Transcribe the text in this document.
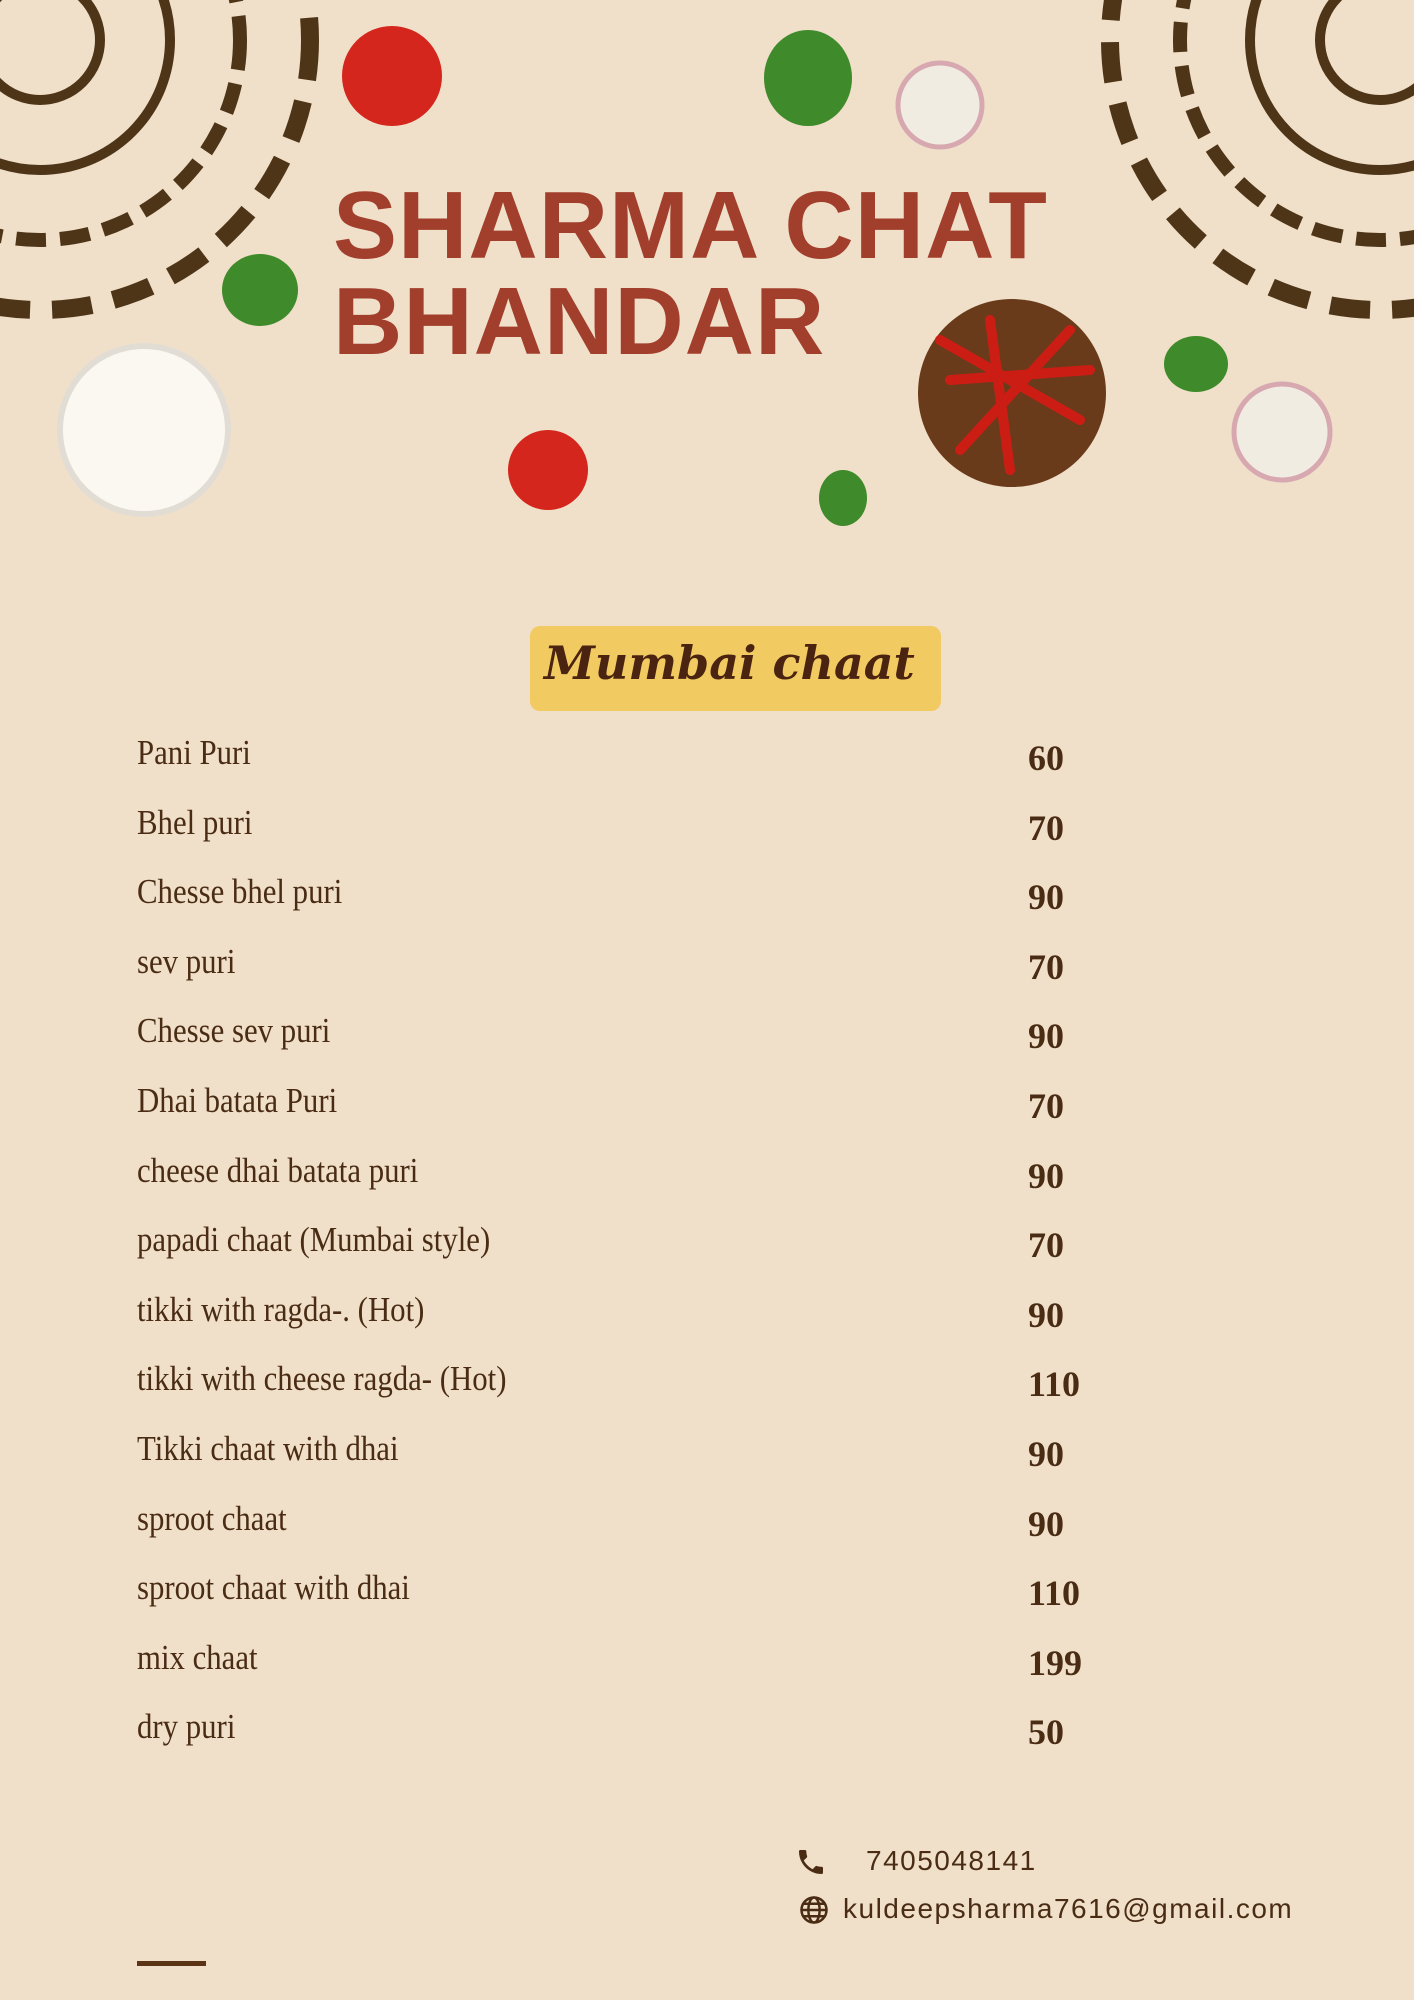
SHARMA CHAT
BHANDAR
Mumbai chaat
Pani Puri	60
Bhel puri	70
Chesse bhel puri	90
sev puri	70
Chesse sev puri	90
Dhai batata Puri	70
cheese dhai batata puri	90
papadi chaat (Mumbai style)	70
tikki with ragda-. (Hot)	90
tikki with cheese ragda- (Hot)	110
Tikki chaat with dhai	90
sproot chaat	90
sproot chaat with dhai	110
mix chaat	199
dry puri	50
7405048141
kuldeepsharma7616@gmail.com
